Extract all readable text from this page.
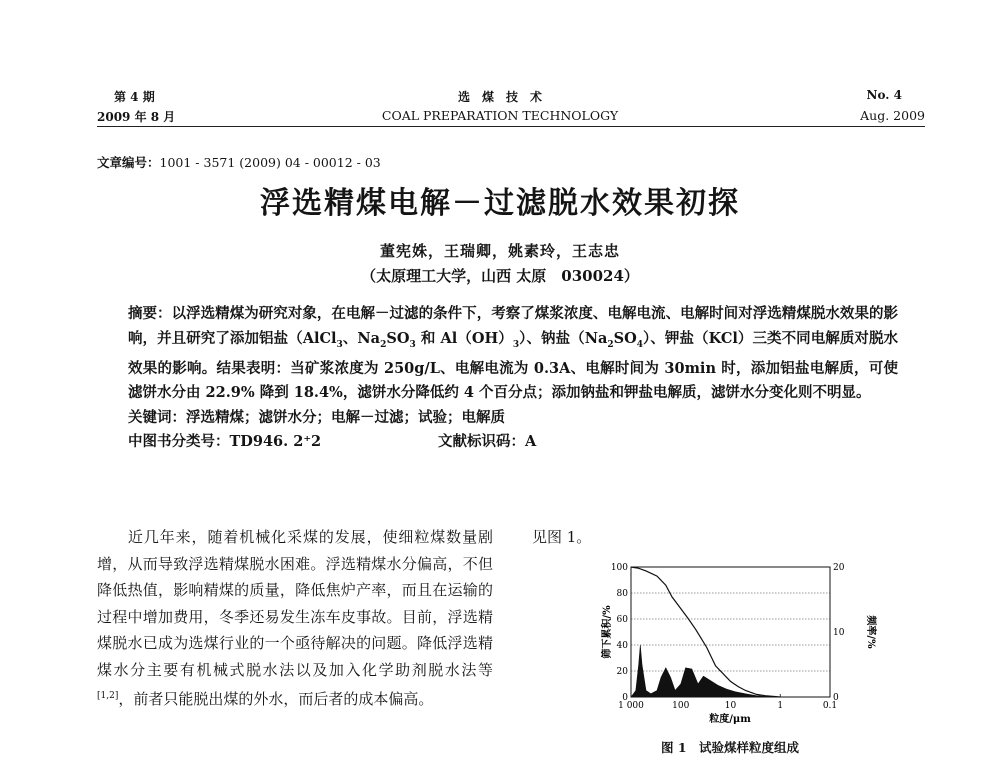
第 4 期
2009 年 8 月
选　煤　技　术
COAL PREPARATION TECHNOLOGY
No. 4
Aug. 2009
文章编号：1001 - 3571 (2009) 04 - 00012 - 03
浮选精煤电解－过滤脱水效果初探
董宪姝，王瑞卿，姚素玲，王志忠
（太原理工大学，山西 太原　030024）

摘要：以浮选精煤为研究对象，在电解－过滤的条件下，考察了煤浆浓度、电解电流、电解时间对浮选精煤脱水效果的影响，并且研究了添加铝盐（AlCl$_3$、$Na_2SO_3$ 和 $Al(OH)_3$）、钠盐$(Na_2SO_4)$、钾盐（KCl）三类不同电解质对脱水效果的影响。结果表明：当矿浆浓度为 250g/L、电解电流为 0.3A、电解时间为 30min 时，添加铝盐电解质，可使滤饼水分由 22.9% 降到 18.4%，滤饼水分降低约 4 个百分点；添加钠盐和钾盐电解质，滤饼水分变化则不明显。

关键词：浮选精煤；滤饼水分；电解－过滤；试验；电解质

中图书分类号：TD946. 2⁺2	文献标识码：A

近几年来，随着机械化采煤的发展，使细粒煤数量剧增，从而导致浮选精煤脱水困难。浮选精煤水分偏高，不但降低热值，影响精煤的质量，降低焦炉产率，而且在运输的过程中增加费用，冬季还易发生冻车皮事故。目前，浮选精煤脱水已成为选煤行业的一个亟待解决的问题。降低浮选精煤水分主要有机械式脱水法以及加入化学助剂脱水法等[1,2]，前者只能脱出煤的外水，而后者的成本偏高。
见图 1。
0
20
40
60
80
100
0
10
20
1 000	100	10	1	0.1
筛下累积/%	频率/%
粒度/μm
图 1　试验煤样粒度组成
